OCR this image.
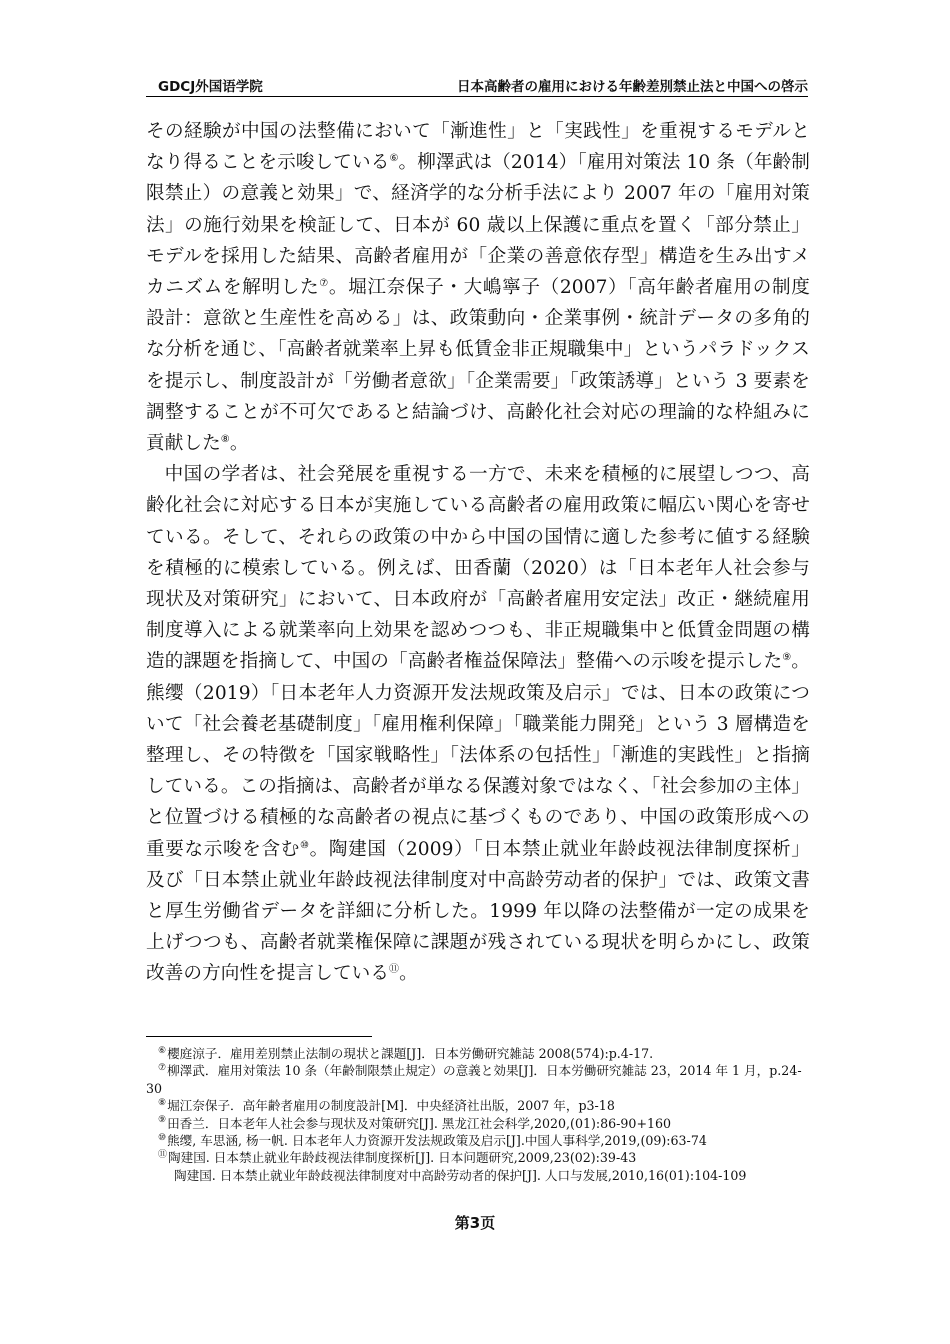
GDCJ外国语学院	日本高齢者の雇用における年齢差別禁止法と中国への啓示

その経験が中国の法整備において「漸進性」と「実践性」を重視するモデルとなり得ることを示唆している⑥。柳澤武は（2014）「雇用対策法 10 条（年齢制限禁止）の意義と効果」で、経済学的な分析手法により 2007 年の「雇用対策法」の施行効果を検証して、日本が 60 歳以上保護に重点を置く「部分禁止」モデルを採用した結果、高齢者雇用が「企業の善意依存型」構造を生み出すメカニズムを解明した⑦。堀江奈保子・大嶋寧子（2007）「高年齢者雇用の制度設計：意欲と生産性を高める」は、政策動向・企業事例・統計データの多角的な分析を通じ、「高齢者就業率上昇も低賃金非正規職集中」というパラドックスを提示し、制度設計が「労働者意欲」「企業需要」「政策誘導」という 3 要素を調整することが不可欠であると結論づけ、高齢化社会対応の理論的な枠組みに貢献した⑧。

中国の学者は、社会発展を重視する一方で、未来を積極的に展望しつつ、高齢化社会に対応する日本が実施している高齢者の雇用政策に幅広い関心を寄せている。そして、それらの政策の中から中国の国情に適した参考に値する経験を積極的に模索している。例えば、田香蘭（2020）は「日本老年人社会参与现状及对策研究」において、日本政府が「高齢者雇用安定法」改正・継続雇用制度導入による就業率向上効果を認めつつも、非正規職集中と低賃金問題の構造的課題を指摘して、中国の「高齢者権益保障法」整備への示唆を提示した⑨。熊缨（2019）「日本老年人力资源开发法规政策及启示」では、日本の政策について「社会養老基礎制度」「雇用権利保障」「職業能力開発」という 3 層構造を整理し、その特徴を「国家戦略性」「法体系の包括性」「漸進的実践性」と指摘している。この指摘は、高齢者が単なる保護対象ではなく、「社会参加の主体」と位置づける積極的な高齢者の視点に基づくものであり、中国の政策形成への重要な示唆を含む⑩。陶建国（2009）「日本禁止就业年龄歧视法律制度探析」及び「日本禁止就业年龄歧视法律制度对中高龄劳动者的保护」では、政策文書と厚生労働省データを詳細に分析した。1999 年以降の法整備が一定の成果を上げつつも、高齢者就業権保障に課題が残されている現状を明らかにし、政策改善の方向性を提言している⑪。

⑥櫻庭涼子．雇用差別禁止法制の現状と課題[J]．日本労働研究雑誌 2008(574):p.4-17.

⑦柳澤武．雇用対策法 10 条（年齢制限禁止規定）の意義と効果[J]．日本労働研究雑誌 23，2014 年 1 月，p.24-30

⑧堀江奈保子．高年齢者雇用の制度設計[M]．中央経済社出版，2007 年，p3-18

⑨田香兰．日本老年人社会参与现状及对策研究[J]. 黑龙江社会科学,2020,(01):86-90+160

⑩熊缨, 车思涵, 杨一帆. 日本老年人力资源开发法规政策及启示[J].中国人事科学,2019,(09):63-74

⑪陶建国. 日本禁止就业年龄歧视法律制度探析[J]. 日本问题研究,2009,23(02):39-43

陶建国. 日本禁止就业年龄歧视法律制度对中高龄劳动者的保护[J]. 人口与发展,2010,16(01):104-109

第3页
